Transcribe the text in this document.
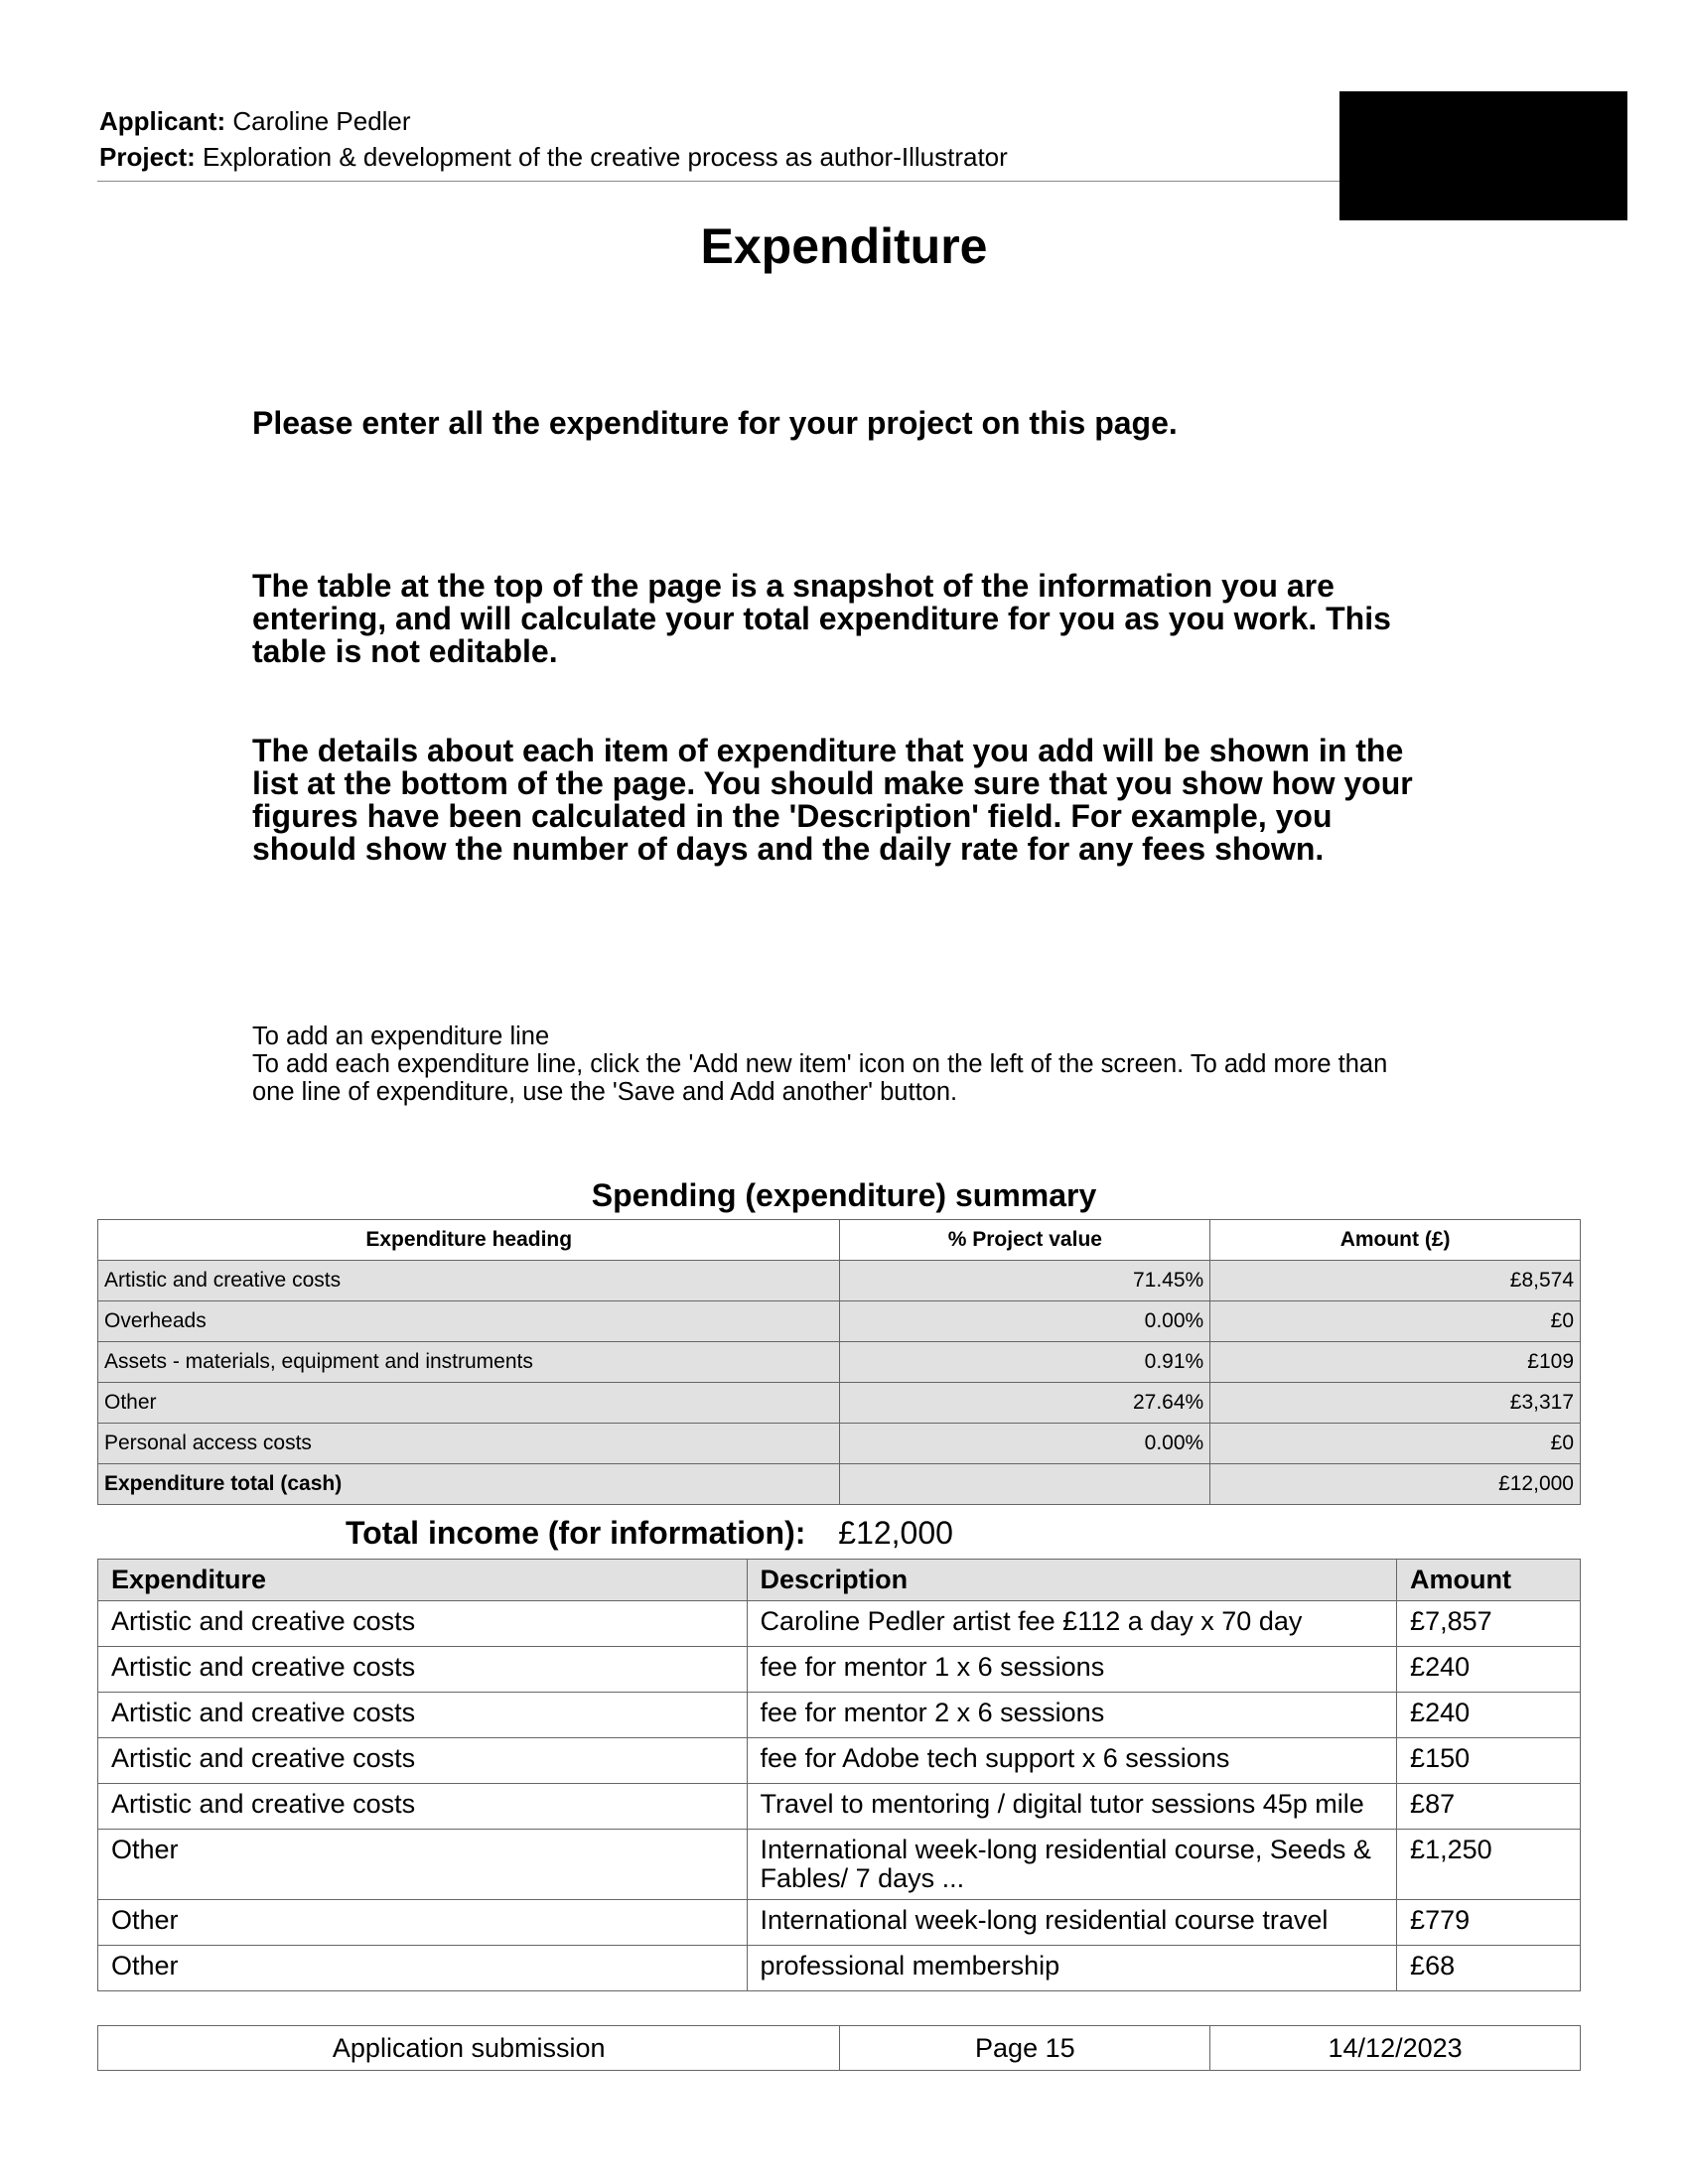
Applicant: Caroline Pedler
Project: Exploration & development of the creative process as author-Illustrator
Expenditure

Please enter all the expenditure for your project on this page.

The table at the top of the page is a snapshot of the information you are entering, and will calculate your total expenditure for you as you work. This table is not editable.

The details about each item of expenditure that you add will be shown in the list at the bottom of the page. You should make sure that you show how your figures have been calculated in the 'Description' field. For example, you should show the number of days and the daily rate for any fees shown.

To add an expenditure line
To add each expenditure line, click the 'Add new item' icon on the left of the screen. To add more than one line of expenditure, use the 'Save and Add another' button.
Spending (expenditure) summary
Expenditure heading	% Project value	Amount (£)
Artistic and creative costs	71.45%	£8,574
Overheads	0.00%	£0
Assets - materials, equipment and instruments	0.91%	£109
Other	27.64%	£3,317
Personal access costs	0.00%	£0
Expenditure total (cash)		£12,000
Total income (for information): £12,000
Expenditure	Description	Amount
Artistic and creative costs	Caroline Pedler artist fee £112 a day x 70 day	£7,857
Artistic and creative costs	fee for mentor 1 x 6 sessions	£240
Artistic and creative costs	fee for mentor 2 x 6 sessions	£240
Artistic and creative costs	fee for Adobe tech support x 6 sessions	£150
Artistic and creative costs	Travel to mentoring / digital tutor sessions 45p mile	£87
Other	International week-long residential course, Seeds & Fables/ 7 days ...	£1,250
Other	International week-long residential course travel	£779
Other	professional membership	£68
Application submission	Page 15	14/12/2023
